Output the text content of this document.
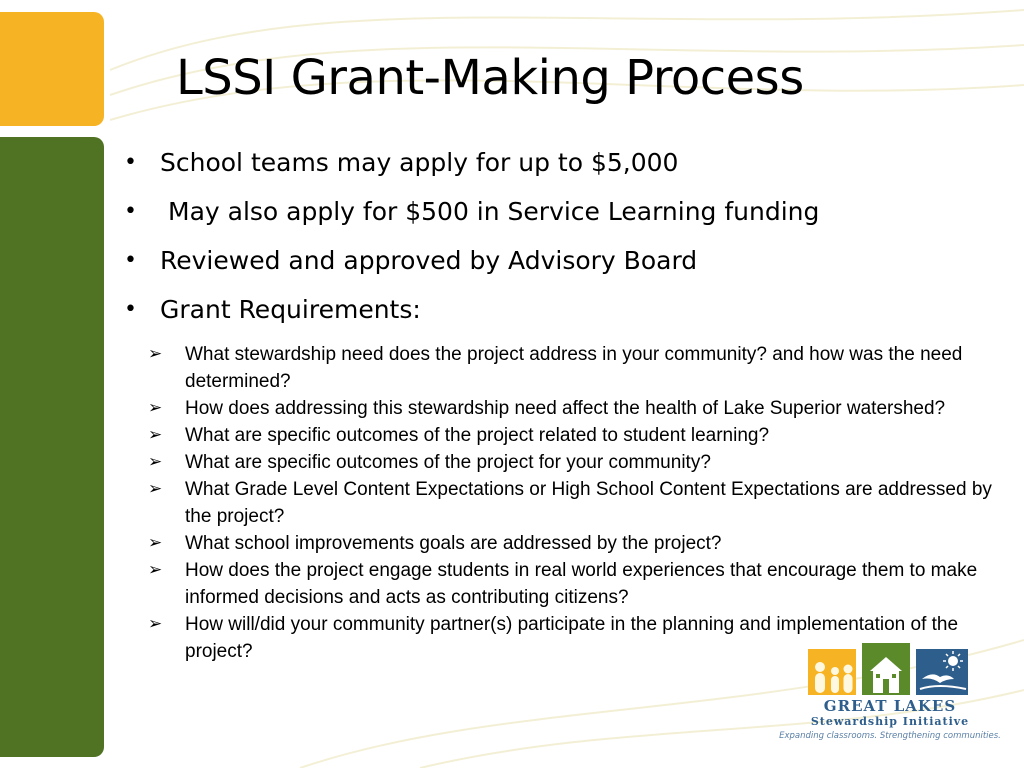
LSSI Grant-Making Process
• School teams may apply for up to $5,000
• May also apply for $500 in Service Learning funding
• Reviewed and approved by Advisory Board
• Grant Requirements:
➢ What stewardship need does the project address in your community? and how was the need determined?
➢ How does addressing this stewardship need affect the health of Lake Superior watershed?
➢ What are specific outcomes of the project related to student learning?
➢ What are specific outcomes of the project for your community?
➢ What Grade Level Content Expectations or High School Content Expectations are addressed by the project?
➢ What school improvements goals are addressed by the project?
➢ How does the project engage students in real world experiences that encourage them to make informed decisions and acts as contributing citizens?
➢ How will/did your community partner(s) participate in the planning and implementation of the project?
GREAT LAKES
Stewardship Initiative
Expanding classrooms. Strengthening communities.
